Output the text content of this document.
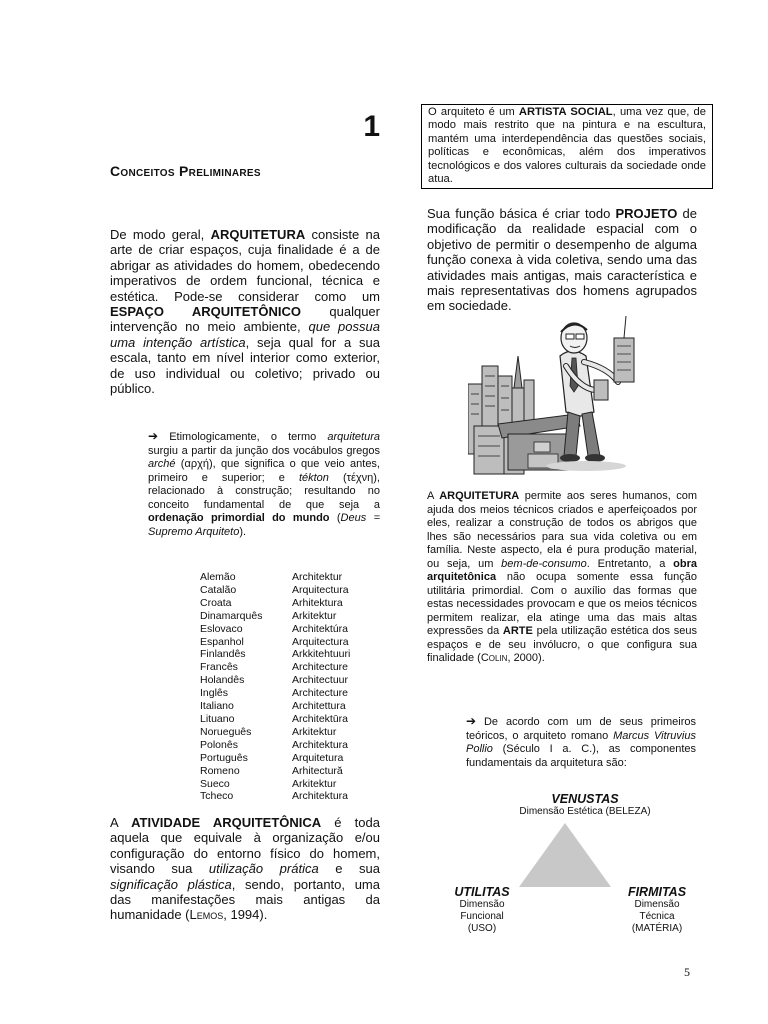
1
Conceitos Preliminares
De modo geral, ARQUITETURA consiste na arte de criar espaços, cuja finalidade é a de abrigar as atividades do homem, obedecendo imperativos de ordem funcional, técnica e estética. Pode-se considerar como um ESPAÇO ARQUITETÔNICO qualquer intervenção no meio ambiente, que possua uma intenção artística, seja qual for a sua escala, tanto em nível interior como exterior, de uso individual ou coletivo; privado ou público.
➔ Etimologicamente, o termo arquitetura surgiu a partir da junção dos vocábulos gregos arché (αρχή), que significa o que veio antes, primeiro e superior; e tékton (τέχνη), relacionado à construção; resultando no conceito fundamental de que seja a ordenação primordial do mundo (Deus = Supremo Arquiteto).
Alemão	Architektur
Catalão	Arquitectura
Croata	Arhitektura
Dinamarquês	Arkitektur
Eslovaco	Architektúra
Espanhol	Arquitectura
Finlandês	Arkkitehtuuri
Francês	Architecture
Holandês	Architectuur
Inglês	Architecture
Italiano	Architettura
Lituano	Architektūra
Norueguês	Arkitektur
Polonês	Architektura
Português	Arquitetura
Romeno	Arhitectură
Sueco	Arkitektur
Tcheco	Architektura
A ATIVIDADE ARQUITETÔNICA é toda aquela que equivale à organização e/ou configuração do entorno físico do homem, visando sua utilização prática e sua significação plástica, sendo, portanto, uma das manifestações mais antigas da humanidade (Lemos, 1994).
O arquiteto é um ARTISTA SOCIAL, uma vez que, de modo mais restrito que na pintura e na escultura, mantém uma interdependência das questões sociais, políticas e econômicas, além dos imperativos tecnológicos e dos valores culturais da sociedade onde atua.
Sua função básica é criar todo PROJETO de modificação da realidade espacial com o objetivo de permitir o desempenho de alguma função conexa à vida coletiva, sendo uma das atividades mais antigas, mais característica e mais representativas dos homens agrupados em sociedade.
A ARQUITETURA permite aos seres humanos, com ajuda dos meios técnicos criados e aperfeiçoados por eles, realizar a construção de todos os abrigos que lhes são necessários para sua vida coletiva ou em família. Neste aspecto, ela é pura produção material, ou seja, um bem-de-consumo. Entretanto, a obra arquitetônica não ocupa somente essa função utilitária primordial. Com o auxílio das formas que estas necessidades provocam e que os meios técnicos permitem realizar, ela atinge uma das mais altas expressões da ARTE pela utilização estética dos seus espaços e de seu invólucro, o que configura sua finalidade (Colin, 2000).
➔ De acordo com um de seus primeiros teóricos, o arquiteto romano Marcus Vitruvius Pollio (Século I a. C.), as componentes fundamentais da arquitetura são:
VENUSTAS
Dimensão Estética (BELEZA)
UTILITAS
Dimensão
Funcional
(USO)
FIRMITAS
Dimensão
Técnica
(MATÉRIA)
5
